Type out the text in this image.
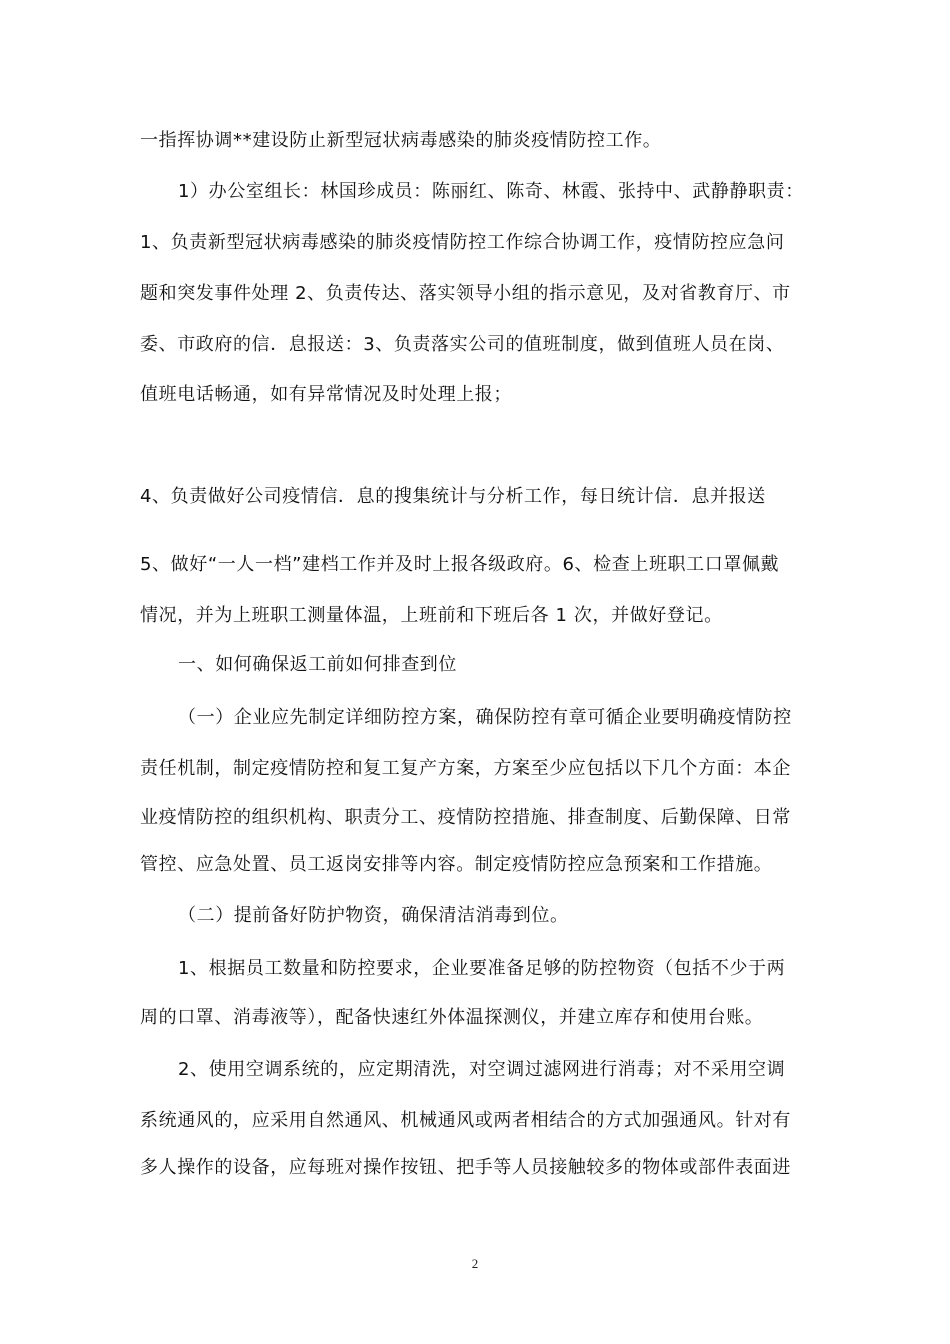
一指挥协调**建设防止新型冠状病毒感染的肺炎疫情防控工作。
1）办公室组长：林国珍成员：陈丽红、陈奇、林霞、张持中、武静静职责：
1、负责新型冠状病毒感染的肺炎疫情防控工作综合协调工作，疫情防控应急问
题和突发事件处理 2、负责传达、落实领导小组的指示意见，及对省教育厅、市
委、市政府的信．息报送：3、负责落实公司的值班制度，做到值班人员在岗、
值班电话畅通，如有异常情况及时处理上报；
4、负责做好公司疫情信．息的搜集统计与分析工作，每日统计信．息并报送
5、做好“一人一档”建档工作并及时上报各级政府。6、检查上班职工口罩佩戴
情况，并为上班职工测量体温，上班前和下班后各 1 次，并做好登记。
一、如何确保返工前如何排查到位
（一）企业应先制定详细防控方案，确保防控有章可循企业要明确疫情防控
责任机制，制定疫情防控和复工复产方案，方案至少应包括以下几个方面：本企
业疫情防控的组织机构、职责分工、疫情防控措施、排查制度、后勤保障、日常
管控、应急处置、员工返岗安排等内容。制定疫情防控应急预案和工作措施。
（二）提前备好防护物资，确保清洁消毒到位。
1、根据员工数量和防控要求，企业要准备足够的防控物资（包括不少于两
周的口罩、消毒液等），配备快速红外体温探测仪，并建立库存和使用台账。
2、使用空调系统的，应定期清洗，对空调过滤网进行消毒；对不采用空调
系统通风的，应采用自然通风、机械通风或两者相结合的方式加强通风。针对有
多人操作的设备，应每班对操作按钮、把手等人员接触较多的物体或部件表面进
2
